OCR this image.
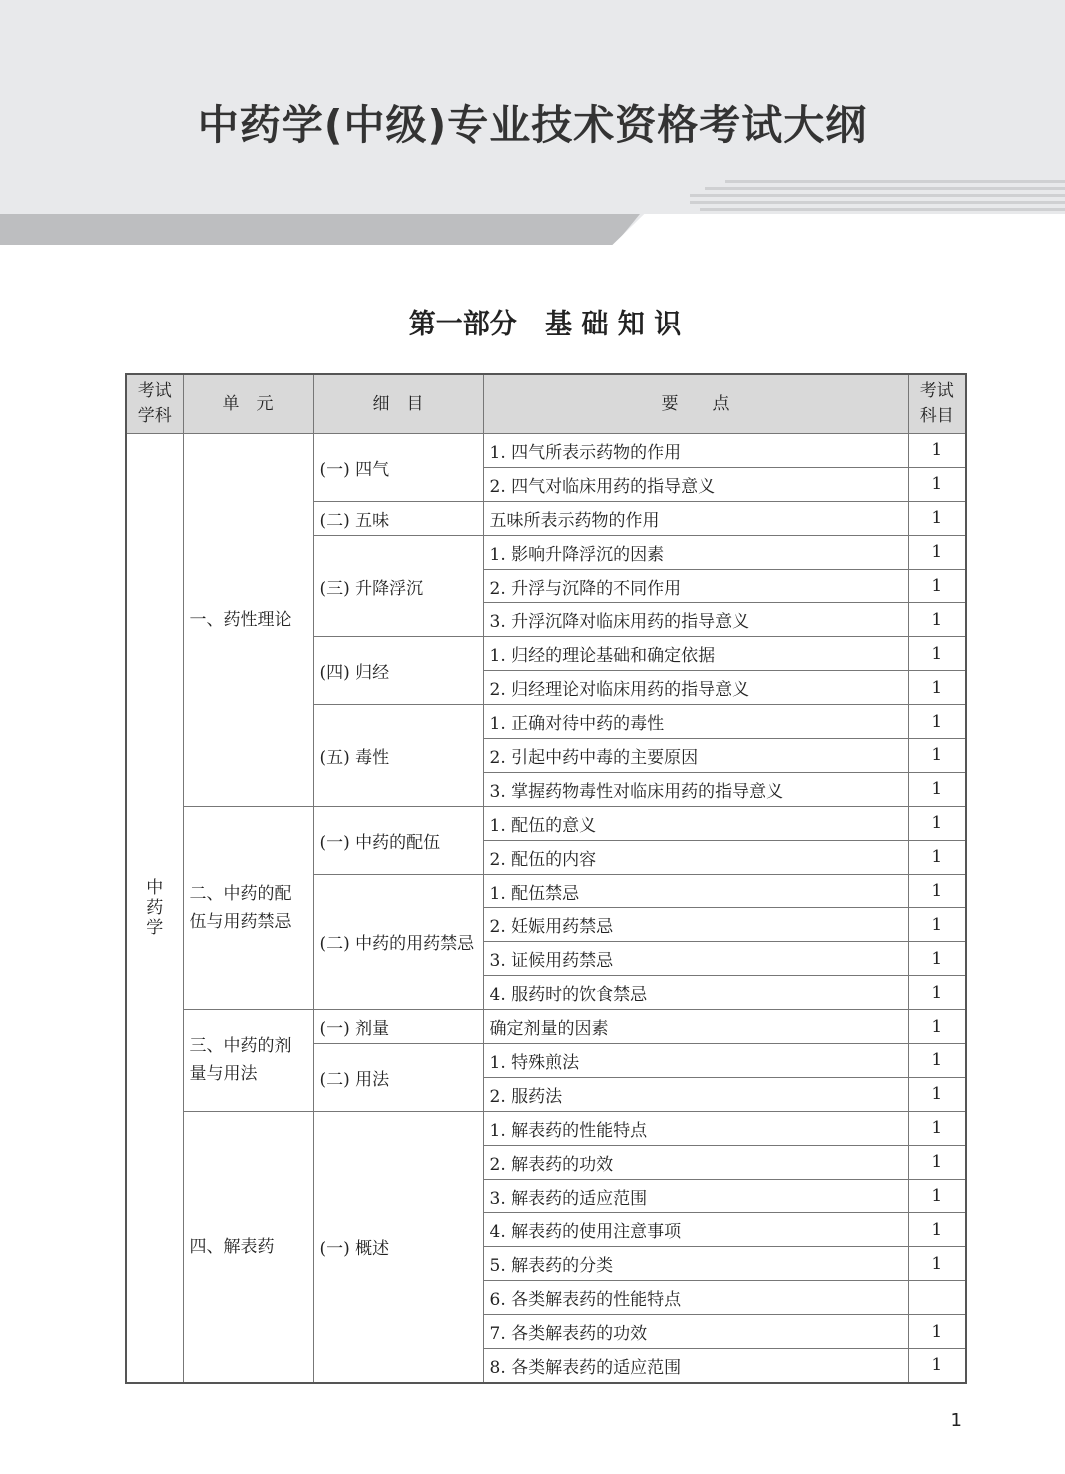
中药学(中级)专业技术资格考试大纲
第一部分   基 础 知 识
考试学科	单　元	细　目	要　　点	考试科目
中药学	一、药性理论	(一) 四气	1. 四气所表示药物的作用	1
			2. 四气对临床用药的指导意义	1
		(二) 五味	五味所表示药物的作用	1
		(三) 升降浮沉	1. 影响升降浮沉的因素	1
			2. 升浮与沉降的不同作用	1
			3. 升浮沉降对临床用药的指导意义	1
		(四) 归经	1. 归经的理论基础和确定依据	1
			2. 归经理论对临床用药的指导意义	1
		(五) 毒性	1. 正确对待中药的毒性	1
			2. 引起中药中毒的主要原因	1
			3. 掌握药物毒性对临床用药的指导意义	1
	二、中药的配伍与用药禁忌	(一) 中药的配伍	1. 配伍的意义	1
			2. 配伍的内容	1
		(二) 中药的用药禁忌	1. 配伍禁忌	1
			2. 妊娠用药禁忌	1
			3. 证候用药禁忌	1
			4. 服药时的饮食禁忌	1
	三、中药的剂量与用法	(一) 剂量	确定剂量的因素	1
		(二) 用法	1. 特殊煎法	1
			2. 服药法	1
	四、解表药	(一) 概述	1. 解表药的性能特点	1
			2. 解表药的功效	1
			3. 解表药的适应范围	1
			4. 解表药的使用注意事项	1
			5. 解表药的分类	1
			6. 各类解表药的性能特点	
			7. 各类解表药的功效	1
			8. 各类解表药的适应范围	1
1
